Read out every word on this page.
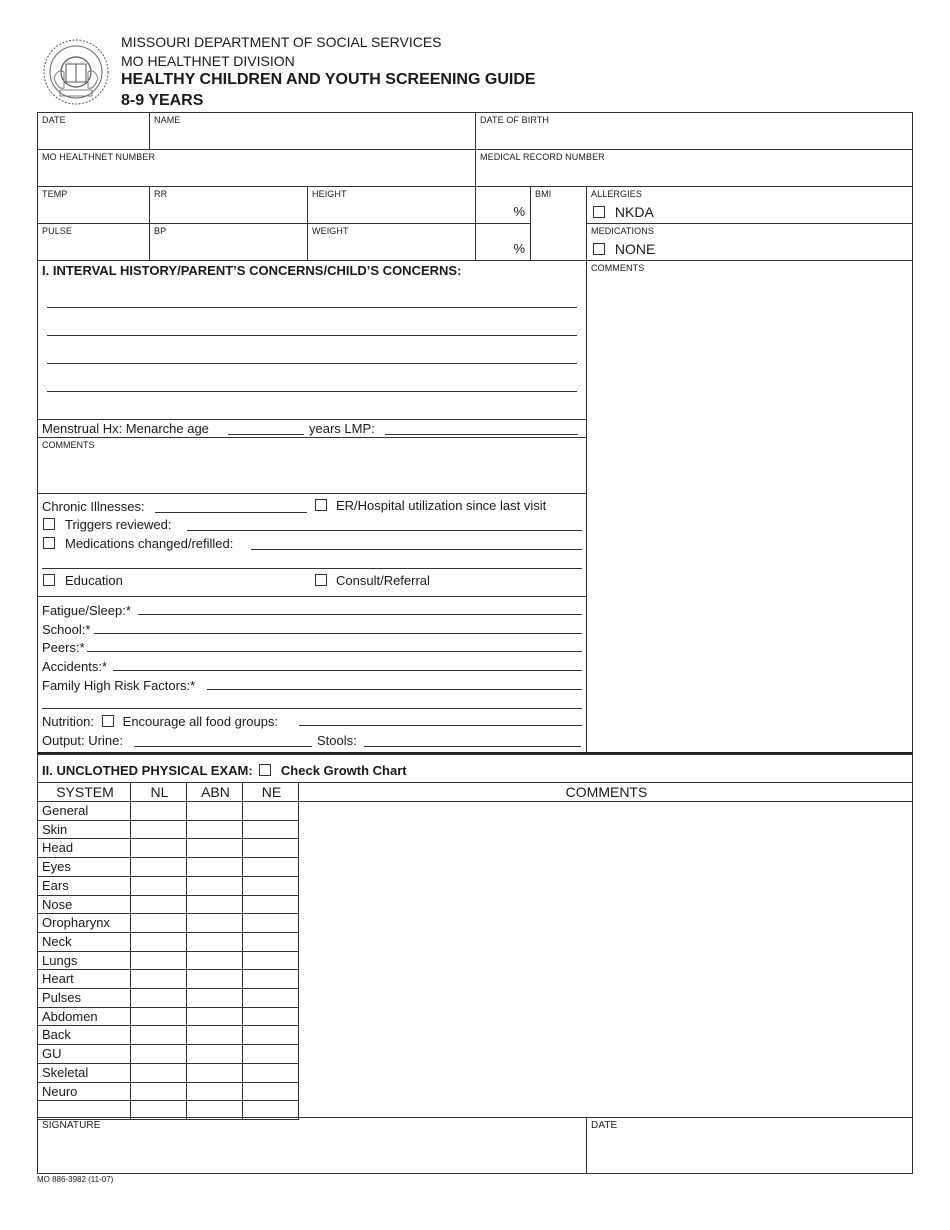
MISSOURI DEPARTMENT OF SOCIAL SERVICES
MO HEALTHNET DIVISION
HEALTHY CHILDREN AND YOUTH SCREENING GUIDE
8-9 YEARS
DATE	NAME	DATE OF BIRTH
MO HEALTHNET NUMBER	MEDICAL RECORD NUMBER
TEMP	RR	HEIGHT
%
BMI	ALLERGIES
NKDA
PULSE	BP	WEIGHT
%
MEDICATIONS
NONE
COMMENTS
I. INTERVAL HISTORY/PARENT’S CONCERNS/CHILD’S CONCERNS:
Menstrual Hx: Menarche age	years LMP:
COMMENTS
Chronic Illnesses:	ER/Hospital utilization since last visit
Triggers reviewed:
Medications changed/refilled:
Education	Consult/Referral
Fatigue/Sleep:*
School:*
Peers:*
Accidents:*
Family High Risk Factors:*
Nutrition: Encourage all food groups:
Output: Urine:	Stools:
II. UNCLOTHED PHYSICAL EXAM: Check Growth Chart
SYSTEM	NL	ABN	NE	COMMENTS
General
Skin
Head
Eyes
Ears
Nose
Oropharynx
Neck
Lungs
Heart
Pulses
Abdomen
Back
GU
Skeletal
Neuro
SIGNATURE	DATE
MO 886-3982 (11-07)
